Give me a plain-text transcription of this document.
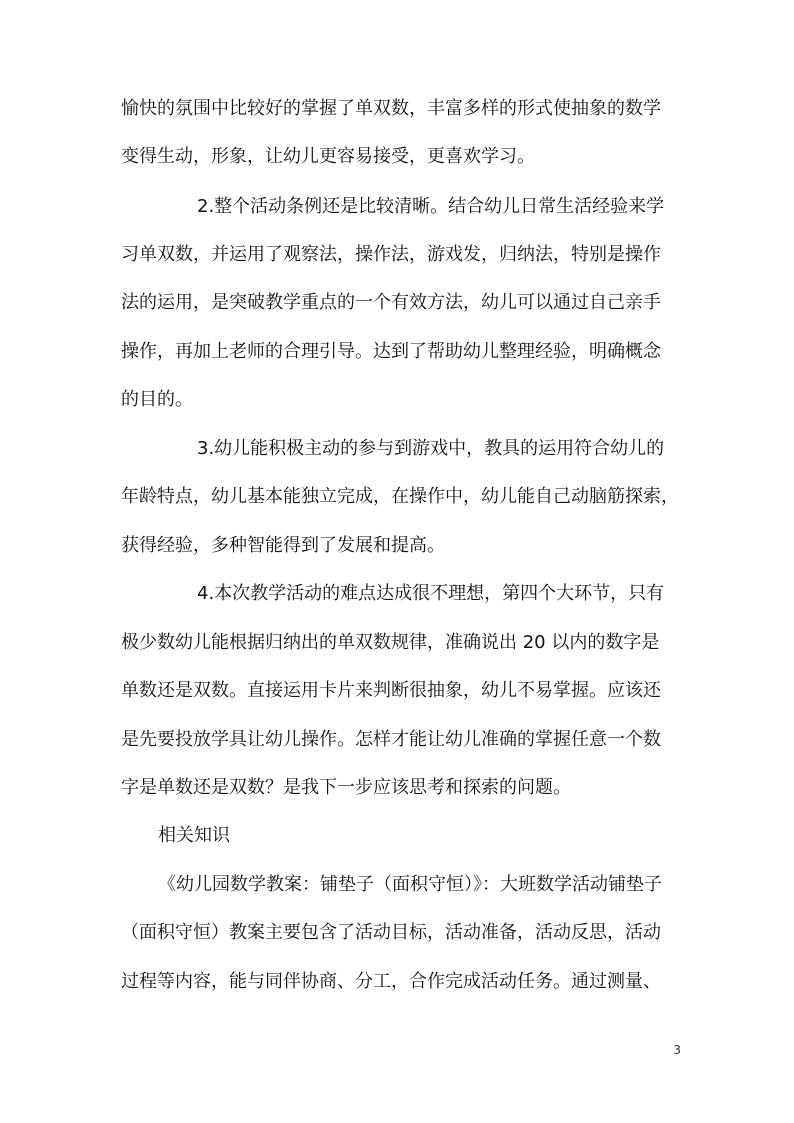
愉快的氛围中比较好的掌握了单双数，丰富多样的形式使抽象的数学
变得生动，形象，让幼儿更容易接受，更喜欢学习。
2.整个活动条例还是比较清晰。结合幼儿日常生活经验来学
习单双数，并运用了观察法，操作法，游戏发，归纳法，特别是操作
法的运用，是突破教学重点的一个有效方法，幼儿可以通过自己亲手
操作，再加上老师的合理引导。达到了帮助幼儿整理经验，明确概念
的目的。
3.幼儿能积极主动的参与到游戏中，教具的运用符合幼儿的
年龄特点，幼儿基本能独立完成，在操作中，幼儿能自己动脑筋探索，
获得经验，多种智能得到了发展和提高。
4.本次教学活动的难点达成很不理想，第四个大环节，只有
极少数幼儿能根据归纳出的单双数规律，准确说出 20 以内的数字是
单数还是双数。直接运用卡片来判断很抽象，幼儿不易掌握。应该还
是先要投放学具让幼儿操作。怎样才能让幼儿准确的掌握任意一个数
字是单数还是双数？是我下一步应该思考和探索的问题。
相关知识
《幼儿园数学教案：铺垫子（面积守恒）》：大班数学活动铺垫子
（面积守恒）教案主要包含了活动目标，活动准备，活动反思，活动
过程等内容，能与同伴协商、分工，合作完成活动任务。通过测量、
3
